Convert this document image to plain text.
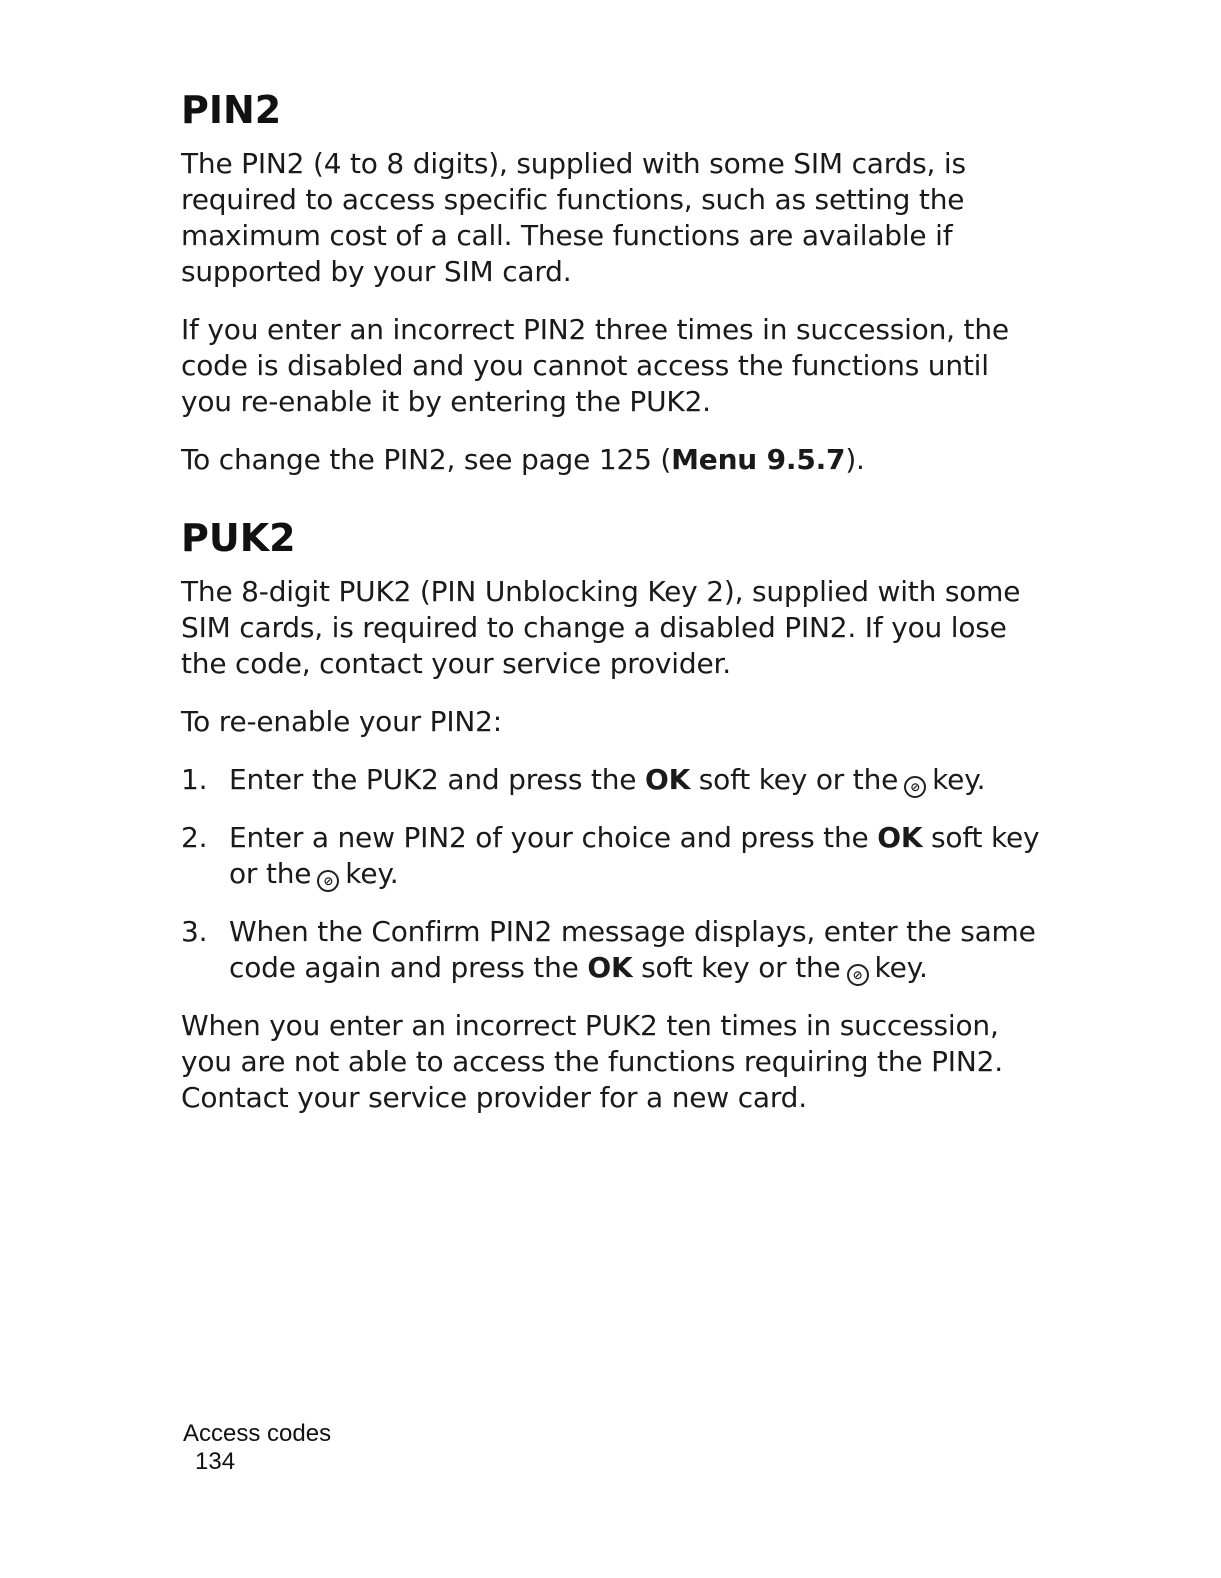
PIN2

The PIN2 (4 to 8 digits), supplied with some SIM cards, is required to access specific functions, such as setting the maximum cost of a call. These functions are available if supported by your SIM card.

If you enter an incorrect PIN2 three times in succession, the code is disabled and you cannot access the functions until you re-enable it by entering the PUK2.

To change the PIN2, see page 125 (Menu 9.5.7).

PUK2

The 8-digit PUK2 (PIN Unblocking Key 2), supplied with some SIM cards, is required to change a disabled PIN2. If you lose the code, contact your service provider.

To re-enable your PIN2:

1. Enter the PUK2 and press the OK soft key or the ⊘ key.
2. Enter a new PIN2 of your choice and press the OK soft key or the ⊘ key.
3. When the Confirm PIN2 message displays, enter the same code again and press the OK soft key or the ⊘ key.

When you enter an incorrect PUK2 ten times in succession, you are not able to access the functions requiring the PIN2. Contact your service provider for a new card.

Access codes
134
